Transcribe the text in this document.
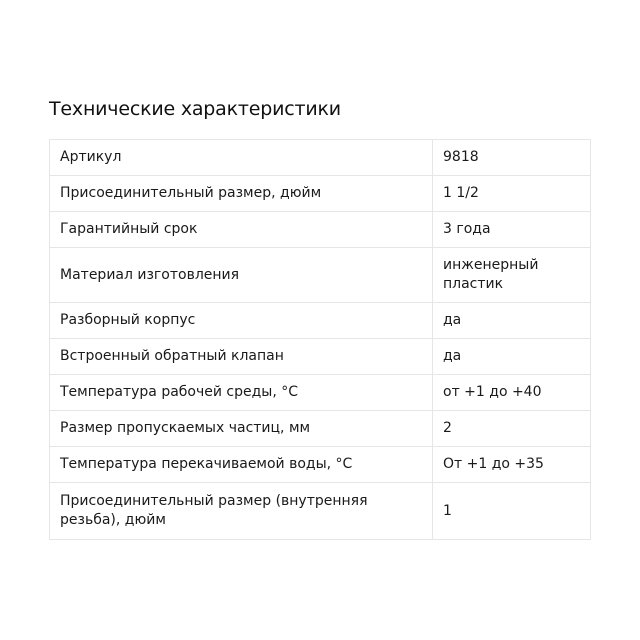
Технические характеристики
Артикул	9818
Присоединительный размер, дюйм	1 1/2
Гарантийный срок	3 года
Материал изготовления	инженерный пластик
Разборный корпус	да
Встроенный обратный клапан	да
Температура рабочей среды, °C	от +1 до +40
Размер пропускаемых частиц, мм	2
Температура перекачиваемой воды, °C	От +1 до +35
Присоединительный размер (внутренняя резьба), дюйм	1
